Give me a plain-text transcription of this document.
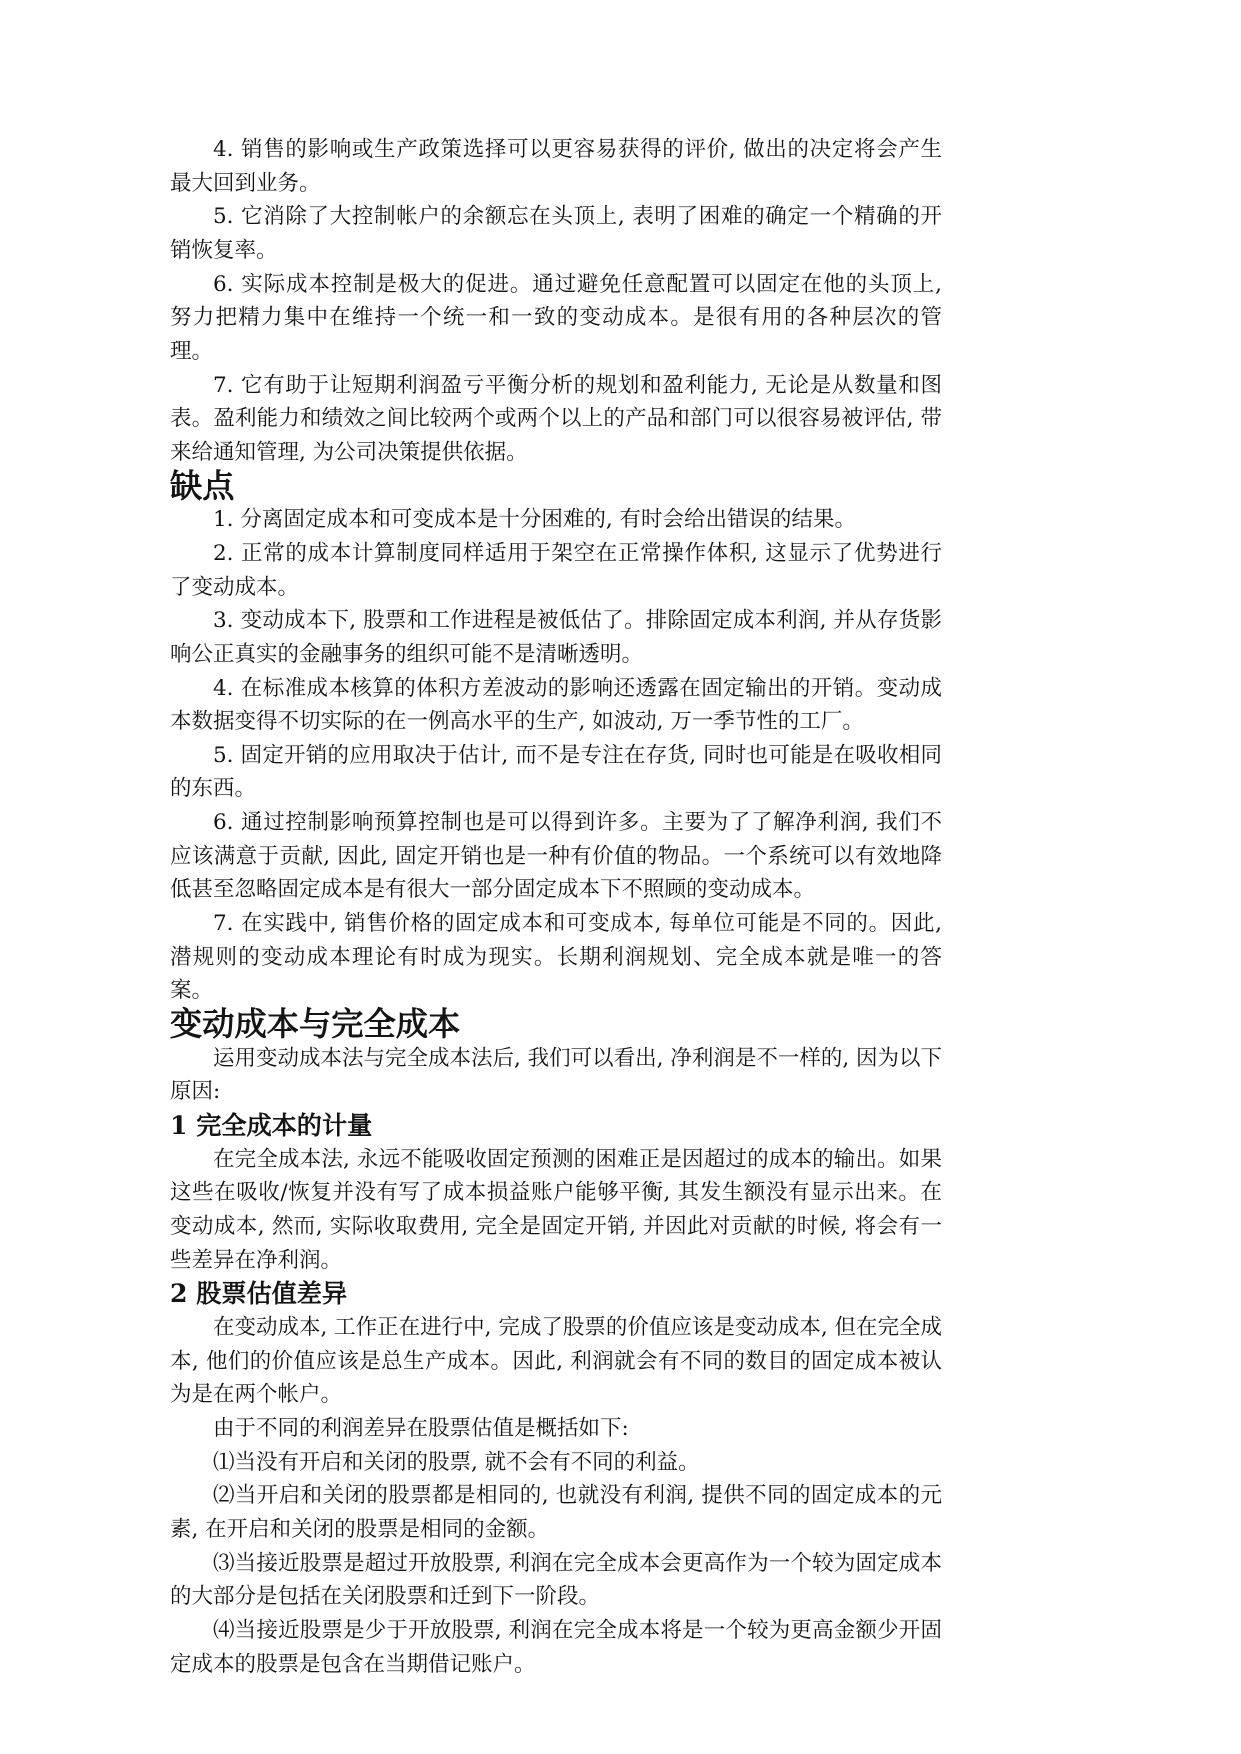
4. 销售的影响或生产政策选择可以更容易获得的评价, 做出的决定将会产生最大回到业务。

5. 它消除了大控制帐户的余额忘在头顶上, 表明了困难的确定一个精确的开销恢复率。

6. 实际成本控制是极大的促进。通过避免任意配置可以固定在他的头顶上, 努力把精力集中在维持一个统一和一致的变动成本。是很有用的各种层次的管理。

7. 它有助于让短期利润盈亏平衡分析的规划和盈利能力, 无论是从数量和图表。盈利能力和绩效之间比较两个或两个以上的产品和部门可以很容易被评估, 带来给通知管理, 为公司决策提供依据。

缺点

1. 分离固定成本和可变成本是十分困难的, 有时会给出错误的结果。

2. 正常的成本计算制度同样适用于架空在正常操作体积, 这显示了优势进行了变动成本。

3. 变动成本下, 股票和工作进程是被低估了。排除固定成本利润, 并从存货影响公正真实的金融事务的组织可能不是清晰透明。

4. 在标准成本核算的体积方差波动的影响还透露在固定输出的开销。变动成本数据变得不切实际的在一例高水平的生产, 如波动, 万一季节性的工厂。

5. 固定开销的应用取决于估计, 而不是专注在存货, 同时也可能是在吸收相同的东西。

6. 通过控制影响预算控制也是可以得到许多。主要为了了解净利润, 我们不应该满意于贡献, 因此, 固定开销也是一种有价值的物品。一个系统可以有效地降低甚至忽略固定成本是有很大一部分固定成本下不照顾的变动成本。

7. 在实践中, 销售价格的固定成本和可变成本, 每单位可能是不同的。因此, 潜规则的变动成本理论有时成为现实。长期利润规划、完全成本就是唯一的答案。

变动成本与完全成本

运用变动成本法与完全成本法后, 我们可以看出, 净利润是不一样的, 因为以下原因:

1 完全成本的计量

在完全成本法, 永远不能吸收固定预测的困难正是因超过的成本的输出。如果这些在吸收/恢复并没有写了成本损益账户能够平衡, 其发生额没有显示出来。在变动成本, 然而, 实际收取费用, 完全是固定开销, 并因此对贡献的时候, 将会有一些差异在净利润。

2 股票估值差异

在变动成本, 工作正在进行中, 完成了股票的价值应该是变动成本, 但在完全成本, 他们的价值应该是总生产成本。因此, 利润就会有不同的数目的固定成本被认为是在两个帐户。

由于不同的利润差异在股票估值是概括如下:

⑴当没有开启和关闭的股票, 就不会有不同的利益。

⑵当开启和关闭的股票都是相同的, 也就没有利润, 提供不同的固定成本的元素, 在开启和关闭的股票是相同的金额。

⑶当接近股票是超过开放股票, 利润在完全成本会更高作为一个较为固定成本的大部分是包括在关闭股票和迁到下一阶段。

⑷当接近股票是少于开放股票, 利润在完全成本将是一个较为更高金额少开固定成本的股票是包含在当期借记账户。
